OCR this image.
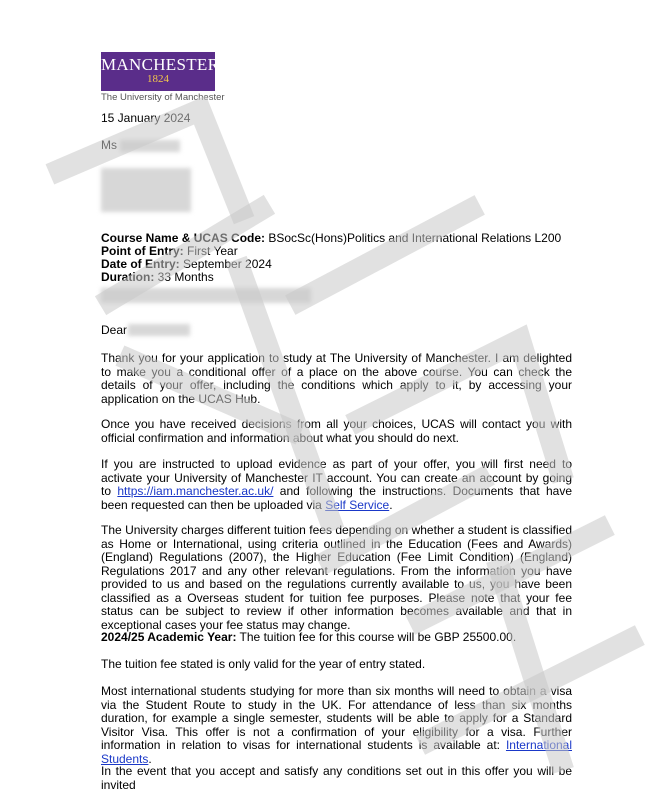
MANCHESTER
1824
The University of Manchester
15 January 2024
Ms
Course Name & UCAS Code: BSocSc(Hons)Politics and International Relations L200
Point of Entry: First Year
Date of Entry: September 2024
Duration: 33 Months
Dear
Thank you for your application to study at The University of Manchester. I am delighted to make you a conditional offer of a place on the above course. You can check the details of your offer, including the conditions which apply to it, by accessing your application on the UCAS Hub.
Once you have received decisions from all your choices, UCAS will contact you with official confirmation and information about what you should do next.
If you are instructed to upload evidence as part of your offer, you will first need to activate your University of Manchester IT account. You can create an account by going to https://iam.manchester.ac.uk/ and following the instructions. Documents that have been requested can then be uploaded via Self Service.
The University charges different tuition fees depending on whether a student is classified as Home or International, using criteria outlined in the Education (Fees and Awards) (England) Regulations (2007), the Higher Education (Fee Limit Condition) (England) Regulations 2017 and any other relevant regulations. From the information you have provided to us and based on the regulations currently available to us, you have been classified as a Overseas student for tuition fee purposes. Please note that your fee status can be subject to review if other information becomes available and that in exceptional cases your fee status may change.
2024/25 Academic Year: The tuition fee for this course will be GBP 25500.00.
The tuition fee stated is only valid for the year of entry stated.
Most international students studying for more than six months will need to obtain a visa via the Student Route to study in the UK. For attendance of less than six months duration, for example a single semester, students will be able to apply for a Standard Visitor Visa. This offer is not a confirmation of your eligibility for a visa. Further information in relation to visas for international students is available at: International Students.
In the event that you accept and satisfy any conditions set out in this offer you will be invited
